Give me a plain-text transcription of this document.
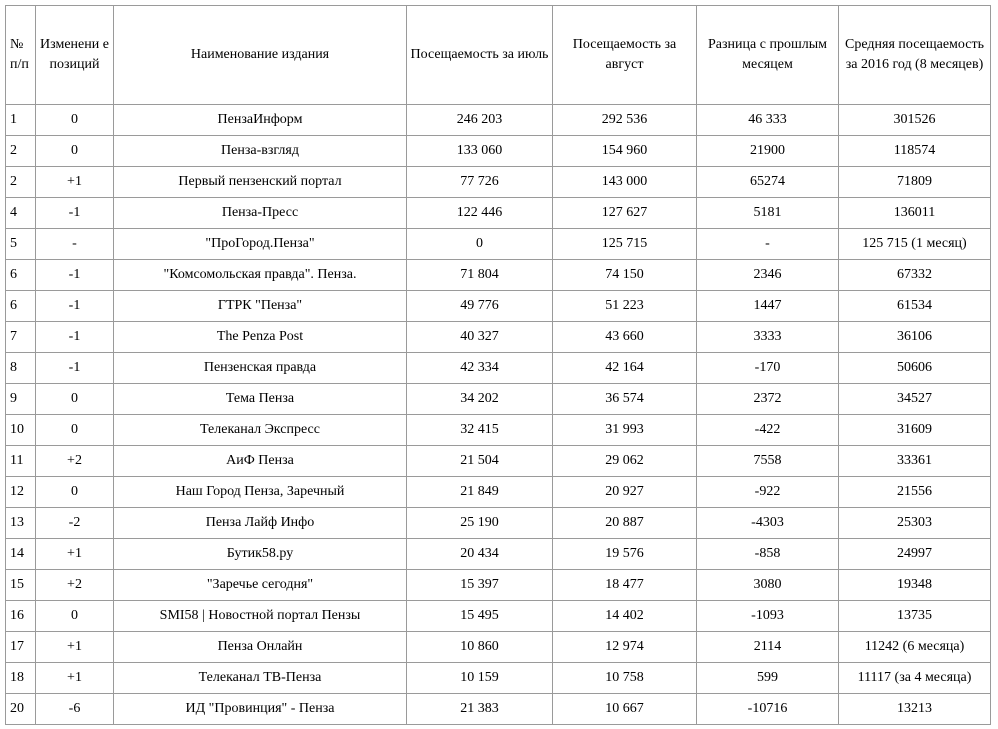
№ п/п	Изменени е позиций	Наименование издания	Посещаемость за июль	Посещаемость за август	Разница с прошлым месяцем	Средняя посещаемость за 2016 год (8 месяцев)
1	0	ПензаИнформ	246 203	292 536	46 333	301526
2	0	Пенза-взгляд	133 060	154 960	21900	118574
2	+1	Первый пензенский портал	77 726	143 000	65274	71809
4	-1	Пенза-Пресс	122 446	127 627	5181	136011
5	-	"ПроГород.Пенза"	0	125 715	-	125 715 (1 месяц)
6	-1	"Комсомольская правда". Пенза.	71 804	74 150	2346	67332
6	-1	ГТРК "Пенза"	49 776	51 223	1447	61534
7	-1	The Penza Post	40 327	43 660	3333	36106
8	-1	Пензенская правда	42 334	42 164	-170	50606
9	0	Тема Пенза	34 202	36 574	2372	34527
10	0	Телеканал Экспресс	32 415	31 993	-422	31609
11	+2	АиФ Пенза	21 504	29 062	7558	33361
12	0	Наш Город Пенза, Заречный	21 849	20 927	-922	21556
13	-2	Пенза Лайф Инфо	25 190	20 887	-4303	25303
14	+1	Бутик58.ру	20 434	19 576	-858	24997
15	+2	"Заречье сегодня"	15 397	18 477	3080	19348
16	0	SMI58 | Новостной портал Пензы	15 495	14 402	-1093	13735
17	+1	Пенза Онлайн	10 860	12 974	2114	11242 (6 месяца)
18	+1	Телеканал ТВ-Пенза	10 159	10 758	599	11117 (за 4 месяца)
20	-6	ИД "Провинция" - Пенза	21 383	10 667	-10716	13213
